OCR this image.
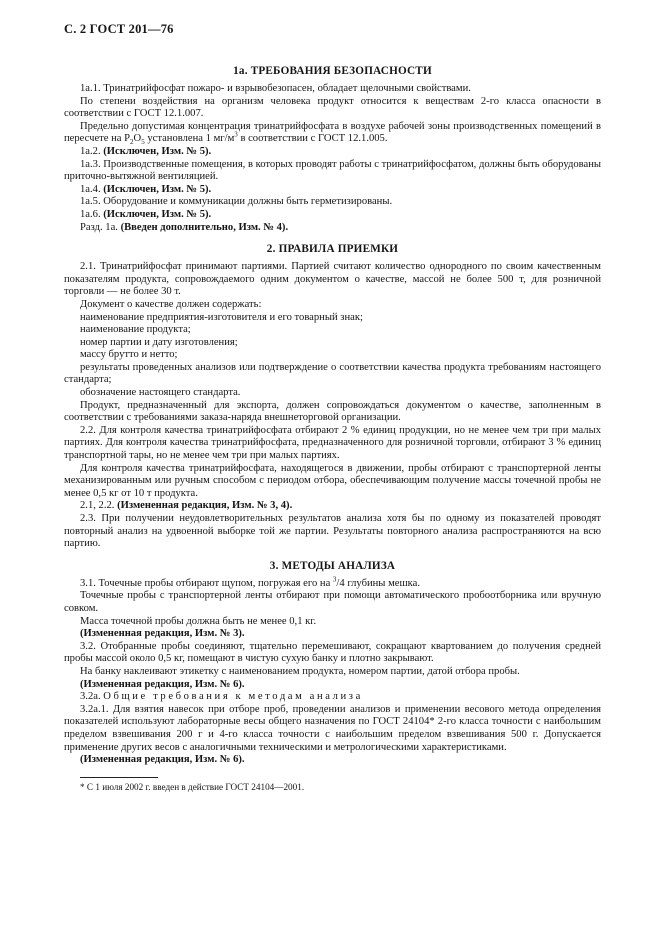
С. 2 ГОСТ 201—76
1а. ТРЕБОВАНИЯ БЕЗОПАСНОСТИ

1а.1. Тринатрийфосфат пожаро- и взрывобезопасен, обладает щелочными свойствами.

По степени воздействия на организм человека продукт относится к веществам 2-го класса опасности в соответствии с ГОСТ 12.1.007.

Предельно допустимая концентрация тринатрийфосфата в воздухе рабочей зоны производственных помещений в пересчете на $P_2O_5$ установлена 1 $мг/м^3$ в соответствии с ГОСТ 12.1.005.

1а.2. (Исключен, Изм. № 5).

1а.3. Производственные помещения, в которых проводят работы с тринатрийфосфатом, должны быть оборудованы приточно-вытяжной вентиляцией.

1а.4. (Исключен, Изм. № 5).

1а.5. Оборудование и коммуникации должны быть герметизированы.

1а.6. (Исключен, Изм. № 5).

Разд. 1а. (Введен дополнительно, Изм. № 4).

2. ПРАВИЛА ПРИЕМКИ

2.1. Тринатрийфосфат принимают партиями. Партией считают количество однородного по своим качественным показателям продукта, сопровождаемого одним документом о качестве, массой не более 500 т, для розничной торговли — не более 30 т.

Документ о качестве должен содержать:

наименование предприятия-изготовителя и его товарный знак;

наименование продукта;

номер партии и дату изготовления;

массу брутто и нетто;

результаты проведенных анализов или подтверждение о соответствии качества продукта требованиям настоящего стандарта;

обозначение настоящего стандарта.

Продукт, предназначенный для экспорта, должен сопровождаться документом о качестве, заполненным в соответствии с требованиями заказа-наряда внешнеторговой организации.

2.2. Для контроля качества тринатрийфосфата отбирают 2 % единиц продукции, но не менее чем три при малых партиях. Для контроля качества тринатрийфосфата, предназначенного для розничной торговли, отбирают 3 % единиц транспортной тары, но не менее чем три при малых партиях.

Для контроля качества тринатрийфосфата, находящегося в движении, пробы отбирают с транспортерной ленты механизированным или ручным способом с периодом отбора, обеспечивающим получение массы точечной пробы не менее 0,5 кг от 10 т продукта.

2.1, 2.2. (Измененная редакция, Изм. № 3, 4).

2.3. При получении неудовлетворительных результатов анализа хотя бы по одному из показателей проводят повторный анализ на удвоенной выборке той же партии. Результаты повторного анализа распространяются на всю партию.

3. МЕТОДЫ АНАЛИЗА

3.1. Точечные пробы отбирают щупом, погружая его на $^3$/4 глубины мешка.

Точечные пробы с транспортерной ленты отбирают при помощи автоматического пробоотборника или вручную совком.

Масса точечной пробы должна быть не менее 0,1 кг.

(Измененная редакция, Изм. № 3).

3.2. Отобранные пробы соединяют, тщательно перемешивают, сокращают квартованием до получения средней пробы массой около 0,5 кг, помещают в чистую сухую банку и плотно закрывают.

На банку наклеивают этикетку с наименованием продукта, номером партии, датой отбора пробы.

(Измененная редакция, Изм. № 6).

3.2а. Общие требования к методам анализа

3.2а.1. Для взятия навесок при отборе проб, проведении анализов и применении весового метода определения показателей используют лабораторные весы общего назначения по ГОСТ 24104* 2-го класса точности с наибольшим пределом взвешивания 200 г и 4-го класса точности с наибольшим пределом взвешивания 500 г. Допускается применение других весов с аналогичными техническими и метрологическими характеристиками.

(Измененная редакция, Изм. № 6).

* С 1 июля 2002 г. введен в действие ГОСТ 24104—2001.
